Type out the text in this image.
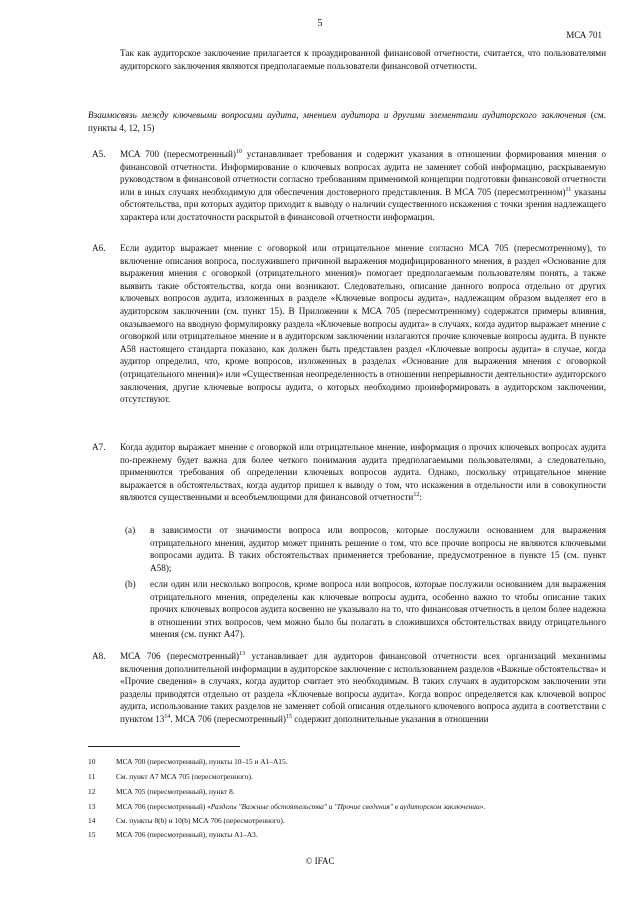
5
МСА 701
Так как аудиторское заключение прилагается к проаудированной финансовой отчетности, считается, что пользователями аудиторского заключения являются предполагаемые пользователи финансовой отчетности.
Взаимосвязь между ключевыми вопросами аудита, мнением аудитора и другими элементами аудиторского заключения (см. пункты 4, 12, 15)
A5. МСА 700 (пересмотренный)$^{10}$ устанавливает требования и содержит указания в отношении формирования мнения о финансовой отчетности. Информирование о ключевых вопросах аудита не заменяет собой информацию, раскрываемую руководством в финансовой отчетности согласно требованиям применимой концепции подготовки финансовой отчетности или в иных случаях необходимую для обеспечения достоверного представления. В МСА 705 (пересмотренном)$^{11}$ указаны обстоятельства, при которых аудитор приходит к выводу о наличии существенного искажения с точки зрения надлежащего характера или достаточности раскрытой в финансовой отчетности информации.
A6. Если аудитор выражает мнение с оговоркой или отрицательное мнение согласно МСА 705 (пересмотренному), то включение описания вопроса, послужившего причиной выражения модифицированного мнения, в раздел «Основание для выражения мнения с оговоркой (отрицательного мнения)» помогает предполагаемым пользователям понять, а также выявить такие обстоятельства, когда они возникают. Следовательно, описание данного вопроса отдельно от других ключевых вопросов аудита, изложенных в разделе «Ключевые вопросы аудита», надлежащим образом выделяет его в аудиторском заключении (см. пункт 15). В Приложении к МСА 705 (пересмотренному) содержатся примеры влияния, оказываемого на вводную формулировку раздела «Ключевые вопросы аудита» в случаях, когда аудитор выражает мнение с оговоркой или отрицательное мнение и в аудиторском заключении излагаются прочие ключевые вопросы аудита. В пункте A58 настоящего стандарта показано, как должен быть представлен раздел «Ключевые вопросы аудита» в случае, когда аудитор определил, что, кроме вопросов, изложенных в разделах «Основание для выражения мнения с оговоркой (отрицательного мнения)» или «Существенная неопределенность в отношении непрерывности деятельности» аудиторского заключения, другие ключевые вопросы аудита, о которых необходимо проинформировать в аудиторском заключении, отсутствуют.
A7. Когда аудитор выражает мнение с оговоркой или отрицательное мнение, информация о прочих ключевых вопросах аудита по-прежнему будет важна для более четкого понимания аудита предполагаемыми пользователями, а следовательно, применяются требования об определении ключевых вопросов аудита. Однако, поскольку отрицательное мнение выражается в обстоятельствах, когда аудитор пришел к выводу о том, что искажения в отдельности или в совокупности являются существенными и всеобъемлющими для финансовой отчетности$^{12}$:
(a) в зависимости от значимости вопроса или вопросов, которые послужили основанием для выражения отрицательного мнения, аудитор может принять решение о том, что все прочие вопросы не являются ключевыми вопросами аудита. В таких обстоятельствах применяется требование, предусмотренное в пункте 15 (см. пункт A58);
(b) если один или несколько вопросов, кроме вопроса или вопросов, которые послужили основанием для выражения отрицательного мнения, определены как ключевые вопросы аудита, особенно важно то чтобы описание таких прочих ключевых вопросов аудита косвенно не указывало на то, что финансовая отчетность в целом более надежна в отношении этих вопросов, чем можно было бы полагать в сложившихся обстоятельствах ввиду отрицательного мнения (см. пункт A47).
A8. МСА 706 (пересмотренный)$^{13}$ устанавливает для аудиторов финансовой отчетности всех организаций механизмы включения дополнительной информации в аудиторское заключение с использованием разделов «Важные обстоятельства» и «Прочие сведения» в случаях, когда аудитор считает это необходимым. В таких случаях в аудиторском заключении эти разделы приводятся отдельно от раздела «Ключевые вопросы аудита». Когда вопрос определяется как ключевой вопрос аудита, использование таких разделов не заменяет собой описания отдельного ключевого вопроса аудита в соответствии с пунктом $13^{14}$. МСА 706 (пересмотренный)$^{15}$ содержит дополнительные указания в отношении
10	МСА 700 (пересмотренный), пункты 10–15 и A1–A15.
11	См. пункт A7 МСА 705 (пересмотренного).
12	МСА 705 (пересмотренный), пункт 8.
13	МСА 706 (пересмотренный) «Разделы "Важные обстоятельства" и "Прочие сведения" в аудиторском заключении».
14	См. пункты 8(b) и 10(b) МСА 706 (пересмотренного).
15	МСА 706 (пересмотренный), пункты A1–A3.
© IFAC
